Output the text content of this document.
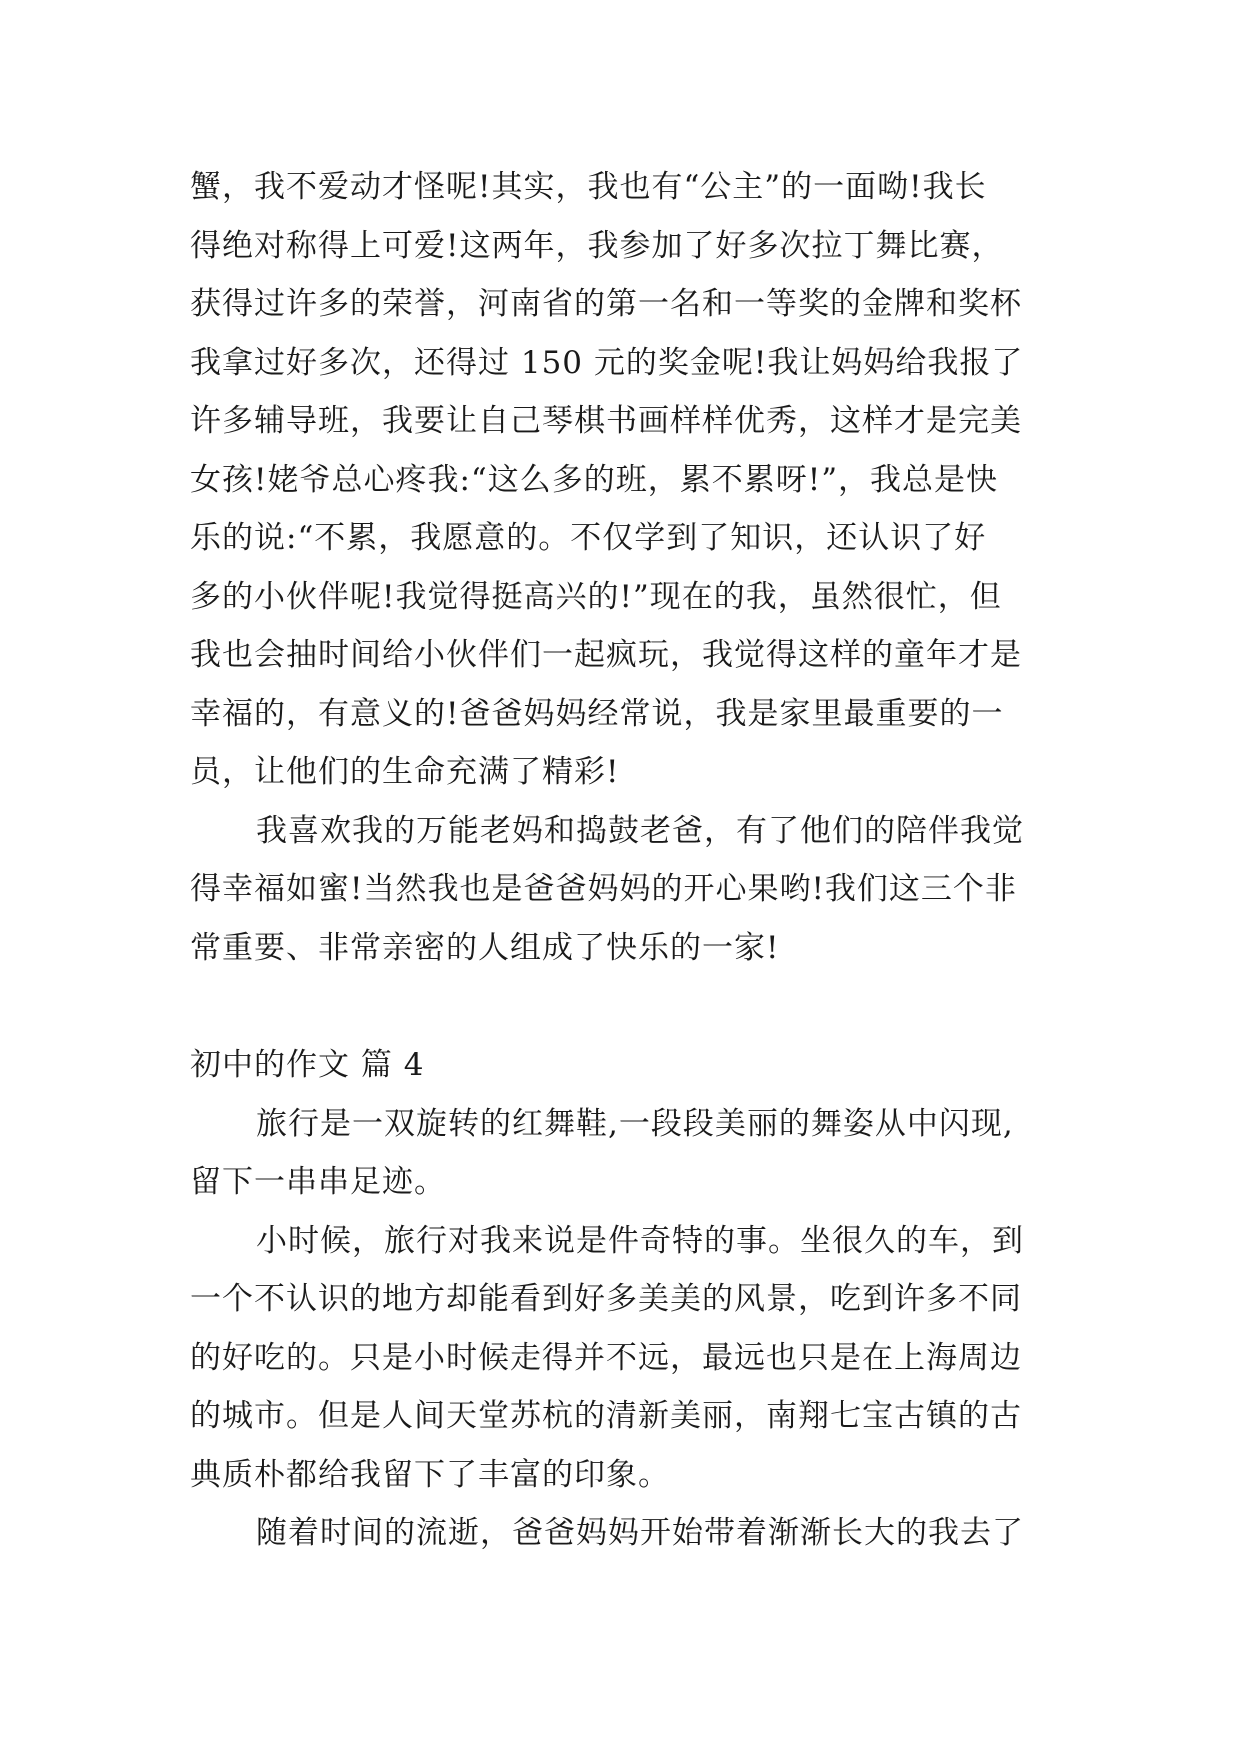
蟹，我不爱动才怪呢!其实，我也有“公主”的一面呦!我长
得绝对称得上可爱!这两年，我参加了好多次拉丁舞比赛，
获得过许多的荣誉，河南省的第一名和一等奖的金牌和奖杯
我拿过好多次，还得过 150 元的奖金呢!我让妈妈给我报了
许多辅导班，我要让自己琴棋书画样样优秀，这样才是完美
女孩!姥爷总心疼我:“这么多的班，累不累呀!”，我总是快
乐的说:“不累，我愿意的。不仅学到了知识，还认识了好
多的小伙伴呢!我觉得挺高兴的!”现在的我，虽然很忙，但
我也会抽时间给小伙伴们一起疯玩，我觉得这样的童年才是
幸福的，有意义的!爸爸妈妈经常说，我是家里最重要的一
员，让他们的生命充满了精彩!
我喜欢我的万能老妈和捣鼓老爸，有了他们的陪伴我觉
得幸福如蜜!当然我也是爸爸妈妈的开心果哟!我们这三个非
常重要、非常亲密的人组成了快乐的一家!
初中的作文 篇 4
旅行是一双旋转的红舞鞋,一段段美丽的舞姿从中闪现,
留下一串串足迹。
小时候，旅行对我来说是件奇特的事。坐很久的车，到
一个不认识的地方却能看到好多美美的风景，吃到许多不同
的好吃的。只是小时候走得并不远，最远也只是在上海周边
的城市。但是人间天堂苏杭的清新美丽，南翔七宝古镇的古
典质朴都给我留下了丰富的印象。
随着时间的流逝，爸爸妈妈开始带着渐渐长大的我去了
